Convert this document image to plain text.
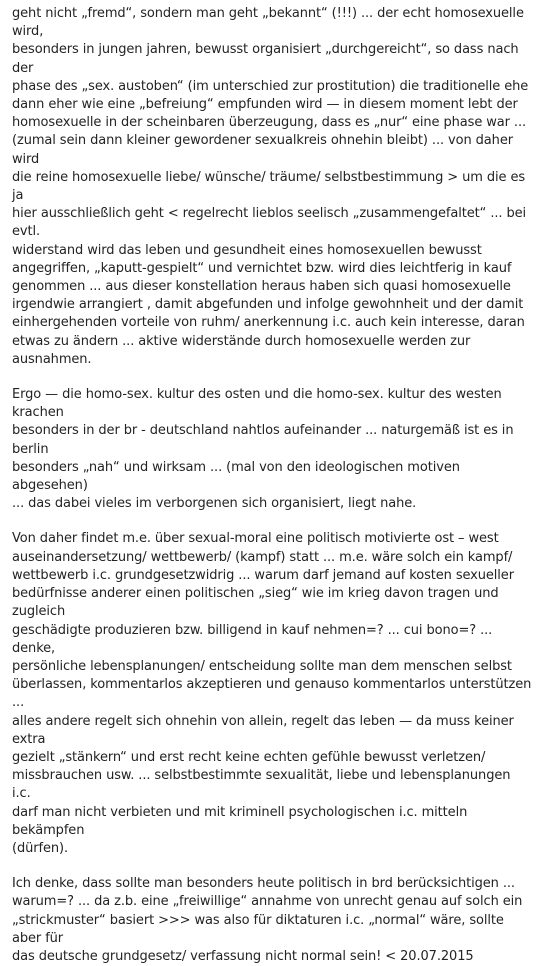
geht nicht „fremd“, sondern man geht „bekannt“ (!!!) ... der echt homosexuelle wird,
besonders in jungen jahren, bewusst organisiert „durchgereicht“, so dass nach der
phase des „sex. austoben“ (im unterschied zur prostitution) die traditionelle ehe
dann eher wie eine „befreiung“ empfunden wird — in diesem moment lebt der
homosexuelle in der scheinbaren überzeugung, dass es „nur“ eine phase war ...
(zumal sein dann kleiner gewordener sexualkreis ohnehin bleibt) ... von daher wird
die reine homosexuelle liebe/ wünsche/ träume/ selbstbestimmung > um die es ja
hier ausschließlich geht < regelrecht lieblos seelisch „zusammengefaltet“ ... bei evtl.
widerstand wird das leben und gesundheit eines homosexuellen bewusst
angegriffen, „kaputt-gespielt“ und vernichtet bzw. wird dies leichtferig in kauf
genommen ... aus dieser konstellation heraus haben sich quasi homosexuelle
irgendwie arrangiert , damit abgefunden und infolge gewohnheit und der damit
einhergehenden vorteile von ruhm/ anerkennung i.c. auch kein interesse, daran
etwas zu ändern ... aktive widerstände durch homosexuelle werden zur
ausnahmen.

Ergo — die homo-sex. kultur des osten und die homo-sex. kultur des westen krachen
besonders in der br - deutschland nahtlos aufeinander ... naturgemäß ist es in berlin
besonders „nah“ und wirksam ... (mal von den ideologischen motiven abgesehen)
... das dabei vieles im verborgenen sich organisiert, liegt nahe.

Von daher findet m.e. über sexual-moral eine politisch motivierte ost – west
auseinandersetzung/ wettbewerb/ (kampf) statt ... m.e. wäre solch ein kampf/
wettbewerb i.c. grundgesetzwidrig ... warum darf jemand auf kosten sexueller
bedürfnisse anderer einen politischen „sieg“ wie im krieg davon tragen und zugleich
geschädigte produzieren bzw. billigend in kauf nehmen=? ... cui bono=? ... denke,
persönliche lebensplanungen/ entscheidung sollte man dem menschen selbst
überlassen, kommentarlos akzeptieren und genauso kommentarlos unterstützen ...
alles andere regelt sich ohnehin von allein, regelt das leben — da muss keiner extra
gezielt „stänkern“ und erst recht keine echten gefühle bewusst verletzen/
missbrauchen usw. ... selbstbestimmte sexualität, liebe und lebensplanungen i.c.
darf man nicht verbieten und mit kriminell psychologischen i.c. mitteln bekämpfen
(dürfen).

Ich denke, dass sollte man besonders heute politisch in brd berücksichtigen ...
warum=? ... da z.b. eine „freiwillige“ annahme von unrecht genau auf solch ein
„strickmuster“ basiert >>> was also für diktaturen i.c. „normal“ wäre, sollte aber für
das deutsche grundgesetz/ verfassung nicht normal sein! < 20.07.2015
